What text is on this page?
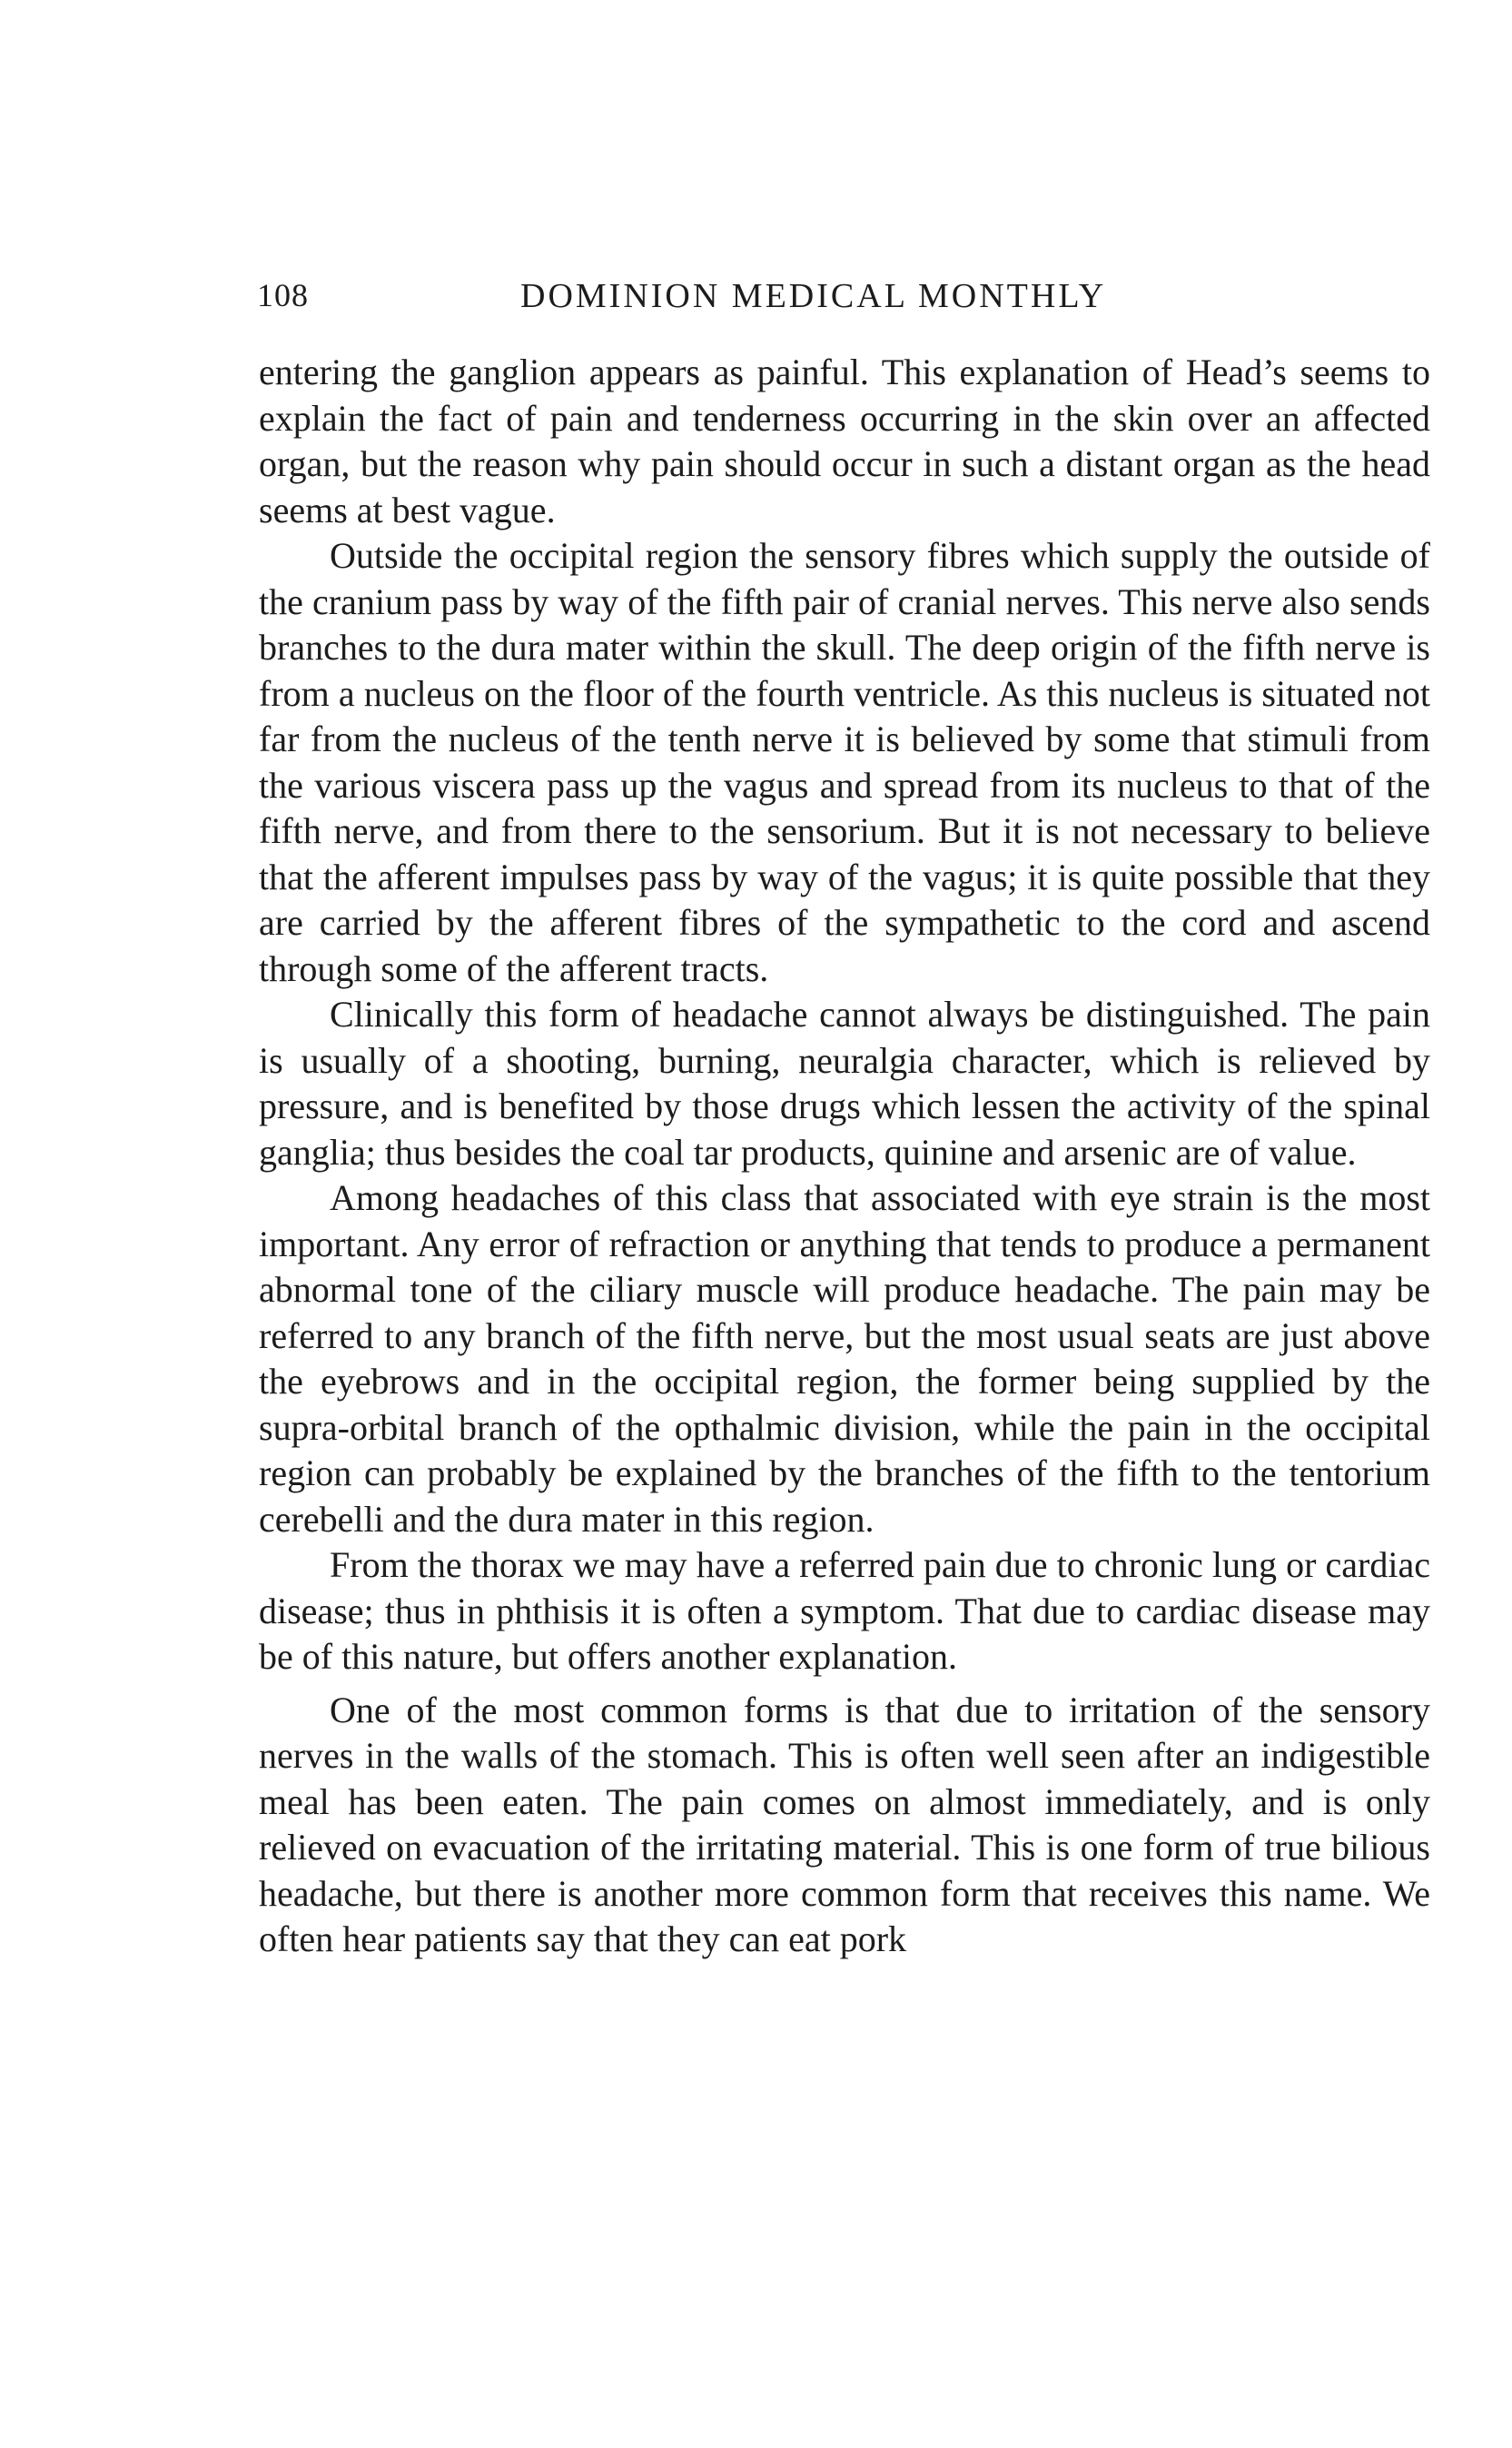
108	DOMINION MEDICAL MONTHLY

entering the ganglion appears as painful. This explanation of Head’s seems to explain the fact of pain and tenderness occurring in the skin over an affected organ, but the reason why pain should occur in such a distant organ as the head seems at best vague.

Outside the occipital region the sensory fibres which supply the outside of the cranium pass by way of the fifth pair of cranial nerves. This nerve also sends branches to the dura mater within the skull. The deep origin of the fifth nerve is from a nucleus on the floor of the fourth ventricle. As this nucleus is situated not far from the nucleus of the tenth nerve it is believed by some that stimuli from the various viscera pass up the vagus and spread from its nucleus to that of the fifth nerve, and from there to the sensorium. But it is not necessary to believe that the afferent impulses pass by way of the vagus; it is quite possible that they are carried by the afferent fibres of the sympathetic to the cord and ascend through some of the afferent tracts.

Clinically this form of headache cannot always be distinguished. The pain is usually of a shooting, burning, neuralgia character, which is relieved by pressure, and is benefited by those drugs which lessen the activity of the spinal ganglia; thus besides the coal tar products, quinine and arsenic are of value.

Among headaches of this class that associated with eye strain is the most important. Any error of refraction or anything that tends to produce a permanent abnormal tone of the ciliary muscle will produce headache. The pain may be referred to any branch of the fifth nerve, but the most usual seats are just above the eyebrows and in the occipital region, the former being supplied by the supra-orbital branch of the opthalmic division, while the pain in the occipital region can probably be explained by the branches of the fifth to the tentorium cerebelli and the dura mater in this region.

From the thorax we may have a referred pain due to chronic lung or cardiac disease; thus in phthisis it is often a symptom. That due to cardiac disease may be of this nature, but offers another explanation.

One of the most common forms is that due to irritation of the sensory nerves in the walls of the stomach. This is often well seen after an indigestible meal has been eaten. The pain comes on almost immediately, and is only relieved on evacuation of the irritating material. This is one form of true bilious headache, but there is another more common form that receives this name. We often hear patients say that they can eat pork
